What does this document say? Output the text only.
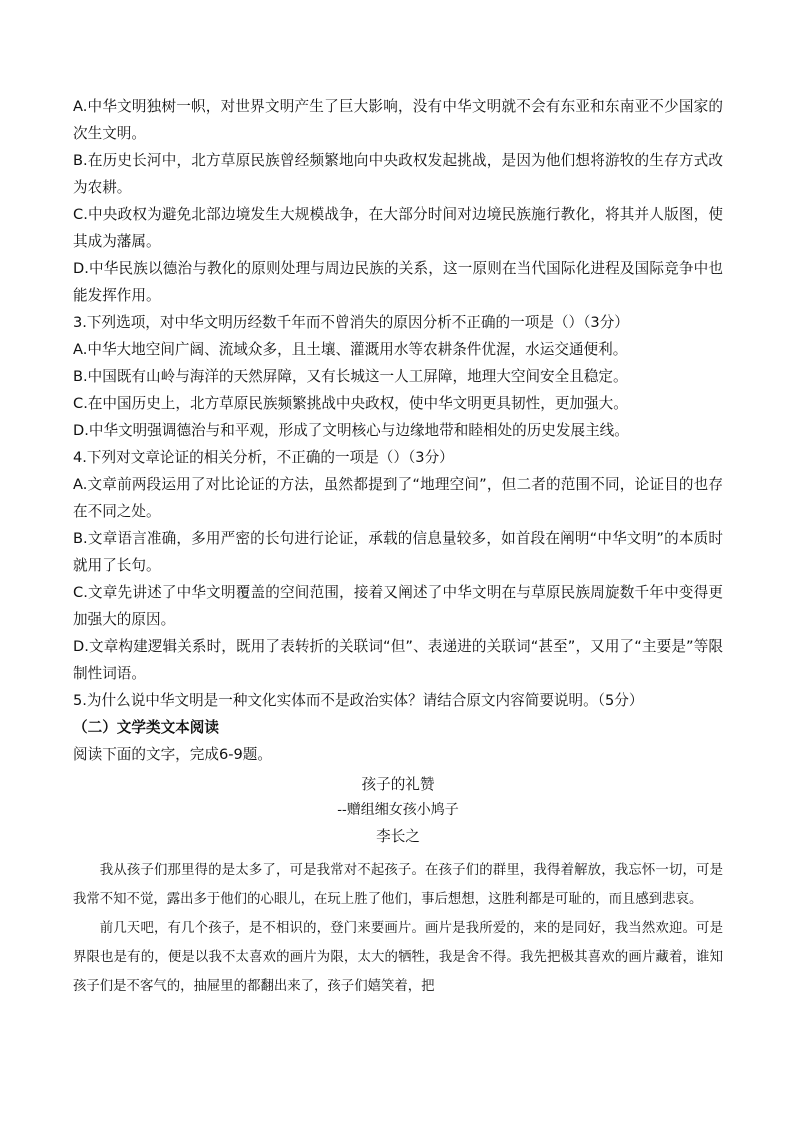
A.中华文明独树一帜，对世界文明产生了巨大影响，没有中华文明就不会有东亚和东南亚不少国家的次生文明。

B.在历史长河中，北方草原民族曾经频繁地向中央政权发起挑战，是因为他们想将游牧的生存方式改为农耕。

C.中央政权为避免北部边境发生大规模战争，在大部分时间对边境民族施行教化，将其并人版图，使其成为藩属。

D.中华民族以德治与教化的原则处理与周边民族的关系，这一原则在当代国际化进程及国际竞争中也能发挥作用。

3.下列选项，对中华文明历经数千年而不曾消失的原因分析不正确的一项是（）（3分）

A.中华大地空间广阔、流域众多，且土壤、灌溉用水等农耕条件优渥，水运交通便利。

B.中国既有山岭与海洋的天然屏障，又有长城这一人工屏障，地理大空间安全且稳定。

C.在中国历史上，北方草原民族频繁挑战中央政权，使中华文明更具韧性，更加强大。

D.中华文明强调德治与和平观，形成了文明核心与边缘地带和睦相处的历史发展主线。

4.下列对文章论证的相关分析，不正确的一项是（）（3分）

A.文章前两段运用了对比论证的方法，虽然都提到了“地理空间”，但二者的范围不同，论证目的也存在不同之处。

B.文章语言准确，多用严密的长句进行论证，承载的信息量较多，如首段在阐明“中华文明”的本质时就用了长句。

C.文章先讲述了中华文明覆盖的空间范围，接着又阐述了中华文明在与草原民族周旋数千年中变得更加强大的原因。

D.文章构建逻辑关系时，既用了表转折的关联词“但”、表递进的关联词“甚至”，又用了“主要是”等限制性词语。

5.为什么说中华文明是一种文化实体而不是政治实体？请结合原文内容简要说明。（5分）

（二）文学类文本阅读

阅读下面的文字，完成6-9题。

孩子的礼赞

--赠组缃女孩小鸠子

李长之

我从孩子们那里得的是太多了，可是我常对不起孩子。在孩子们的群里，我得着解放，我忘怀一切，可是我常不知不觉，露出多于他们的心眼儿，在玩上胜了他们，事后想想，这胜利都是可耻的，而且感到悲哀。

前几天吧，有几个孩子，是不相识的，登门来要画片。画片是我所爱的，来的是同好，我当然欢迎。可是界限也是有的，便是以我不太喜欢的画片为限，太大的牺牲，我是舍不得。我先把极其喜欢的画片藏着，谁知孩子们是不客气的，抽屉里的都翻出来了，孩子们嬉笑着，把
